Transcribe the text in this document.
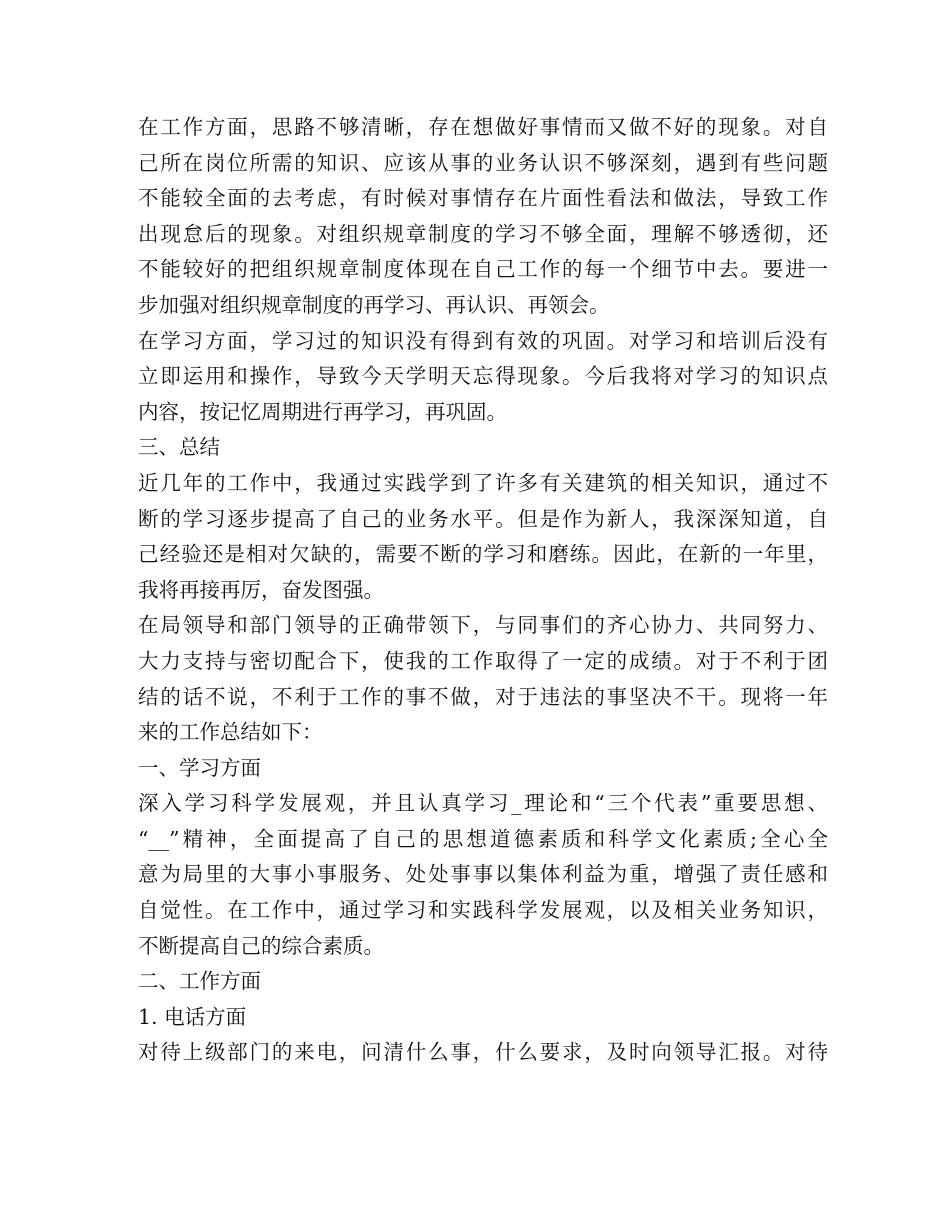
在工作方面，思路不够清晰，存在想做好事情而又做不好的现象。对自
己所在岗位所需的知识、应该从事的业务认识不够深刻，遇到有些问题
不能较全面的去考虑，有时候对事情存在片面性看法和做法，导致工作
出现怠后的现象。对组织规章制度的学习不够全面，理解不够透彻，还
不能较好的把组织规章制度体现在自己工作的每一个细节中去。要进一
步加强对组织规章制度的再学习、再认识、再领会。

在学习方面，学习过的知识没有得到有效的巩固。对学习和培训后没有
立即运用和操作，导致今天学明天忘得现象。今后我将对学习的知识点
内容，按记忆周期进行再学习，再巩固。

三、总结

近几年的工作中，我通过实践学到了许多有关建筑的相关知识，通过不
断的学习逐步提高了自己的业务水平。但是作为新人，我深深知道，自
己经验还是相对欠缺的，需要不断的学习和磨练。因此，在新的一年里，
我将再接再厉，奋发图强。

在局领导和部门领导的正确带领下，与同事们的齐心协力、共同努力、
大力支持与密切配合下，使我的工作取得了一定的成绩。对于不利于团
结的话不说，不利于工作的事不做，对于违法的事坚决不干。现将一年
来的工作总结如下：

一、学习方面

深入学习科学发展观，并且认真学习_理论和“三个代表”重要思想、
“__”精神，全面提高了自己的思想道德素质和科学文化素质;全心全
意为局里的大事小事服务、处处事事以集体利益为重，增强了责任感和
自觉性。在工作中，通过学习和实践科学发展观，以及相关业务知识，
不断提高自己的综合素质。

二、工作方面

1. 电话方面

对待上级部门的来电，问清什么事，什么要求，及时向领导汇报。对待
